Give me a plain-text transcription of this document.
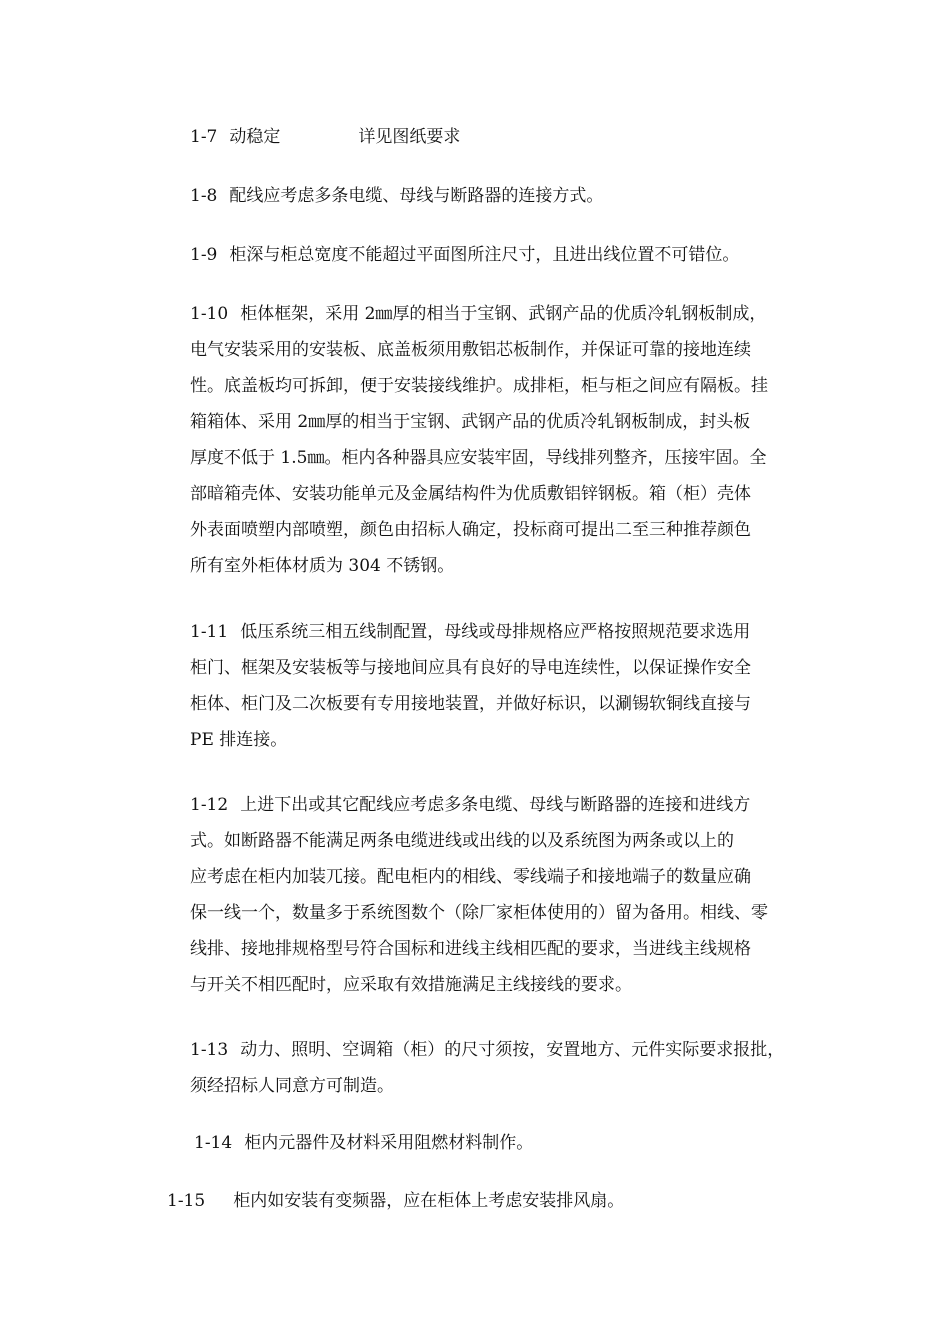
1-7 动稳定	详见图纸要求
1-8 配线应考虑多条电缆、母线与断路器的连接方式。
1-9 柜深与柜总宽度不能超过平面图所注尺寸，且进出线位置不可错位。
1-10 柜体框架，采用 2㎜厚的相当于宝钢、武钢产品的优质冷轧钢板制成，
电气安装采用的安装板、底盖板须用敷铝芯板制作，并保证可靠的接地连续
性。底盖板均可拆卸，便于安装接线维护。成排柜，柜与柜之间应有隔板。挂
箱箱体、采用 2㎜厚的相当于宝钢、武钢产品的优质冷轧钢板制成，封头板
厚度不低于 1.5㎜。柜内各种器具应安装牢固，导线排列整齐，压接牢固。全
部暗箱壳体、安装功能单元及金属结构件为优质敷铝锌钢板。箱（柜）壳体
外表面喷塑内部喷塑，颜色由招标人确定，投标商可提出二至三种推荐颜色
所有室外柜体材质为 304 不锈钢。
1-11 低压系统三相五线制配置，母线或母排规格应严格按照规范要求选用
柜门、框架及安装板等与接地间应具有良好的导电连续性，以保证操作安全
柜体、柜门及二次板要有专用接地装置，并做好标识，以涮锡软铜线直接与
PE 排连接。
1-12 上进下出或其它配线应考虑多条电缆、母线与断路器的连接和进线方
式。如断路器不能满足两条电缆进线或出线的以及系统图为两条或以上的
应考虑在柜内加装兀接。配电柜内的相线、零线端子和接地端子的数量应确
保一线一个，数量多于系统图数个（除厂家柜体使用的）留为备用。相线、零
线排、接地排规格型号符合国标和进线主线相匹配的要求，当进线主线规格
与开关不相匹配时，应采取有效措施满足主线接线的要求。
1-13 动力、照明、空调箱（柜）的尺寸须按，安置地方、元件实际要求报批，
须经招标人同意方可制造。
1-14 柜内元器件及材料采用阻燃材料制作。
1-15 柜内如安装有变频器，应在柜体上考虑安装排风扇。
